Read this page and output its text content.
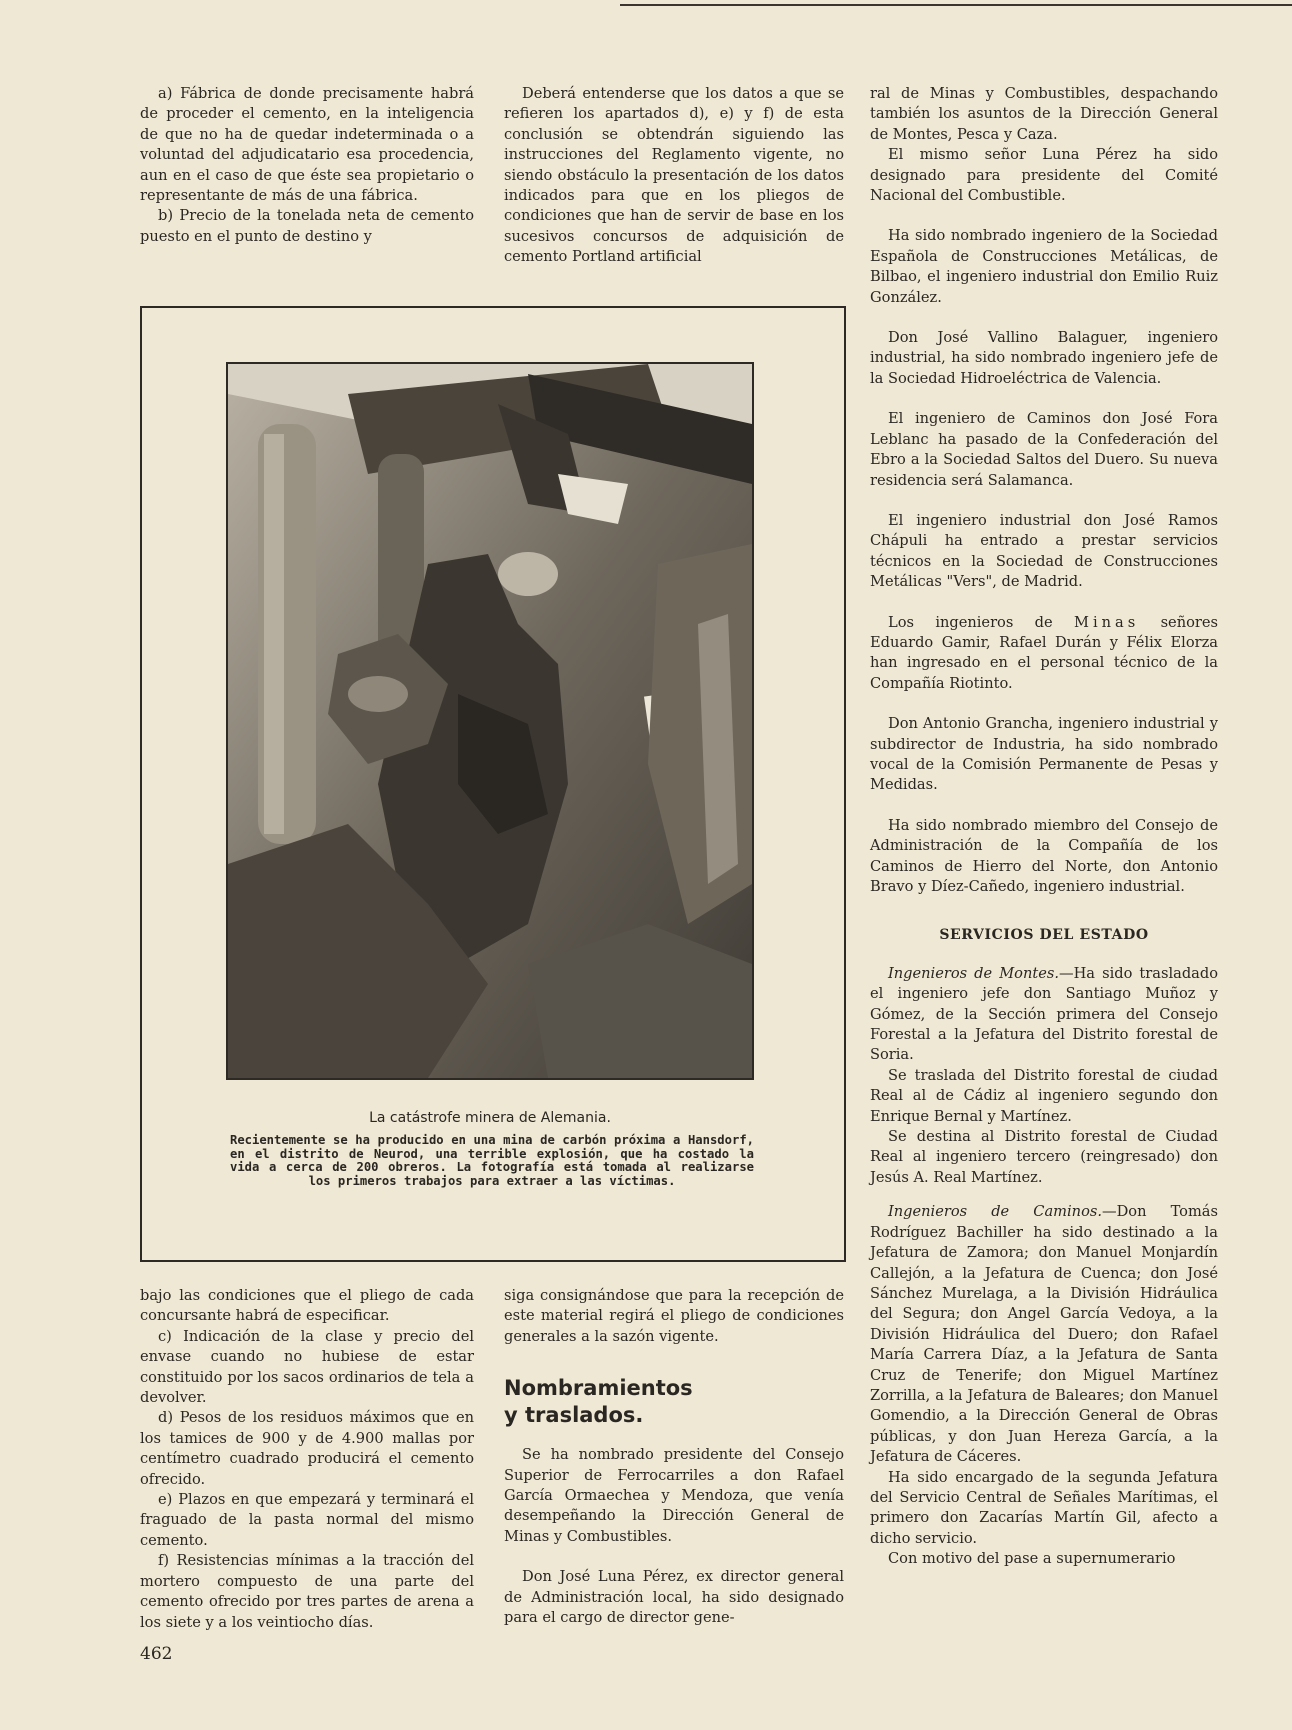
a) Fábrica de donde precisamente habrá de proceder el cemento, en la inteligencia de que no ha de quedar indeterminada o a voluntad del adjudicatario esa procedencia, aun en el caso de que éste sea propietario o representante de más de una fábrica.

b) Precio de la tonelada neta de cemento puesto en el punto de destino y

Deberá entenderse que los datos a que se refieren los apartados d), e) y f) de esta conclusión se obtendrán siguiendo las instrucciones del Reglamento vigente, no siendo obstáculo la presentación de los datos indicados para que en los pliegos de condiciones que han de servir de base en los sucesivos concursos de adquisición de cemento Portland artificial

La catástrofe minera de Alemania.
Recientemente se ha producido en una mina de carbón próxima a Hansdorf, en el distrito de Neurod, una terrible explosión, que ha costado la vida a cerca de 200 obreros. La fotografía está tomada al realizarse los primeros trabajos para extraer a las víctimas.

bajo las condiciones que el pliego de cada concursante habrá de especificar.

c) Indicación de la clase y precio del envase cuando no hubiese de estar constituido por los sacos ordinarios de tela a devolver.

d) Pesos de los residuos máximos que en los tamices de 900 y de 4.900 mallas por centímetro cuadrado producirá el cemento ofrecido.

e) Plazos en que empezará y terminará el fraguado de la pasta normal del mismo cemento.

f) Resistencias mínimas a la tracción del mortero compuesto de una parte del cemento ofrecido por tres partes de arena a los siete y a los veintiocho días.

siga consignándose que para la recepción de este material regirá el pliego de condiciones generales a la sazón vigente.

Nombramientos y traslados.

Se ha nombrado presidente del Consejo Superior de Ferrocarriles a don Rafael García Ormaechea y Mendoza, que venía desempeñando la Dirección General de Minas y Combustibles.

Don José Luna Pérez, ex director general de Administración local, ha sido designado para el cargo de director gene-

ral de Minas y Combustibles, despachando también los asuntos de la Dirección General de Montes, Pesca y Caza.

El mismo señor Luna Pérez ha sido designado para presidente del Comité Nacional del Combustible.

Ha sido nombrado ingeniero de la Sociedad Española de Construcciones Metálicas, de Bilbao, el ingeniero industrial don Emilio Ruiz González.

Don José Vallino Balaguer, ingeniero industrial, ha sido nombrado ingeniero jefe de la Sociedad Hidroeléctrica de Valencia.

El ingeniero de Caminos don José Fora Leblanc ha pasado de la Confederación del Ebro a la Sociedad Saltos del Duero. Su nueva residencia será Salamanca.

El ingeniero industrial don José Ramos Chápuli ha entrado a prestar servicios técnicos en la Sociedad de Construcciones Metálicas "Vers", de Madrid.

Los ingenieros de Minas señores Eduardo Gamir, Rafael Durán y Félix Elorza han ingresado en el personal técnico de la Compañía Riotinto.

Don Antonio Grancha, ingeniero industrial y subdirector de Industria, ha sido nombrado vocal de la Comisión Permanente de Pesas y Medidas.

Ha sido nombrado miembro del Consejo de Administración de la Compañía de los Caminos de Hierro del Norte, don Antonio Bravo y Díez-Cañedo, ingeniero industrial.

SERVICIOS DEL ESTADO

Ingenieros de Montes.—Ha sido trasladado el ingeniero jefe don Santiago Muñoz y Gómez, de la Sección primera del Consejo Forestal a la Jefatura del Distrito forestal de Soria.

Se traslada del Distrito forestal de ciudad Real al de Cádiz al ingeniero segundo don Enrique Bernal y Martínez.

Se destina al Distrito forestal de Ciudad Real al ingeniero tercero (reingresado) don Jesús A. Real Martínez.

Ingenieros de Caminos.—Don Tomás Rodríguez Bachiller ha sido destinado a la Jefatura de Zamora; don Manuel Monjardín Callejón, a la Jefatura de Cuenca; don José Sánchez Murelaga, a la División Hidráulica del Segura; don Angel García Vedoya, a la División Hidráulica del Duero; don Rafael María Carrera Díaz, a la Jefatura de Santa Cruz de Tenerife; don Miguel Martínez Zorrilla, a la Jefatura de Baleares; don Manuel Gomendio, a la Dirección General de Obras públicas, y don Juan Hereza García, a la Jefatura de Cáceres.

Ha sido encargado de la segunda Jefatura del Servicio Central de Señales Marítimas, el primero don Zacarías Martín Gil, afecto a dicho servicio.

Con motivo del pase a supernumerario

462
